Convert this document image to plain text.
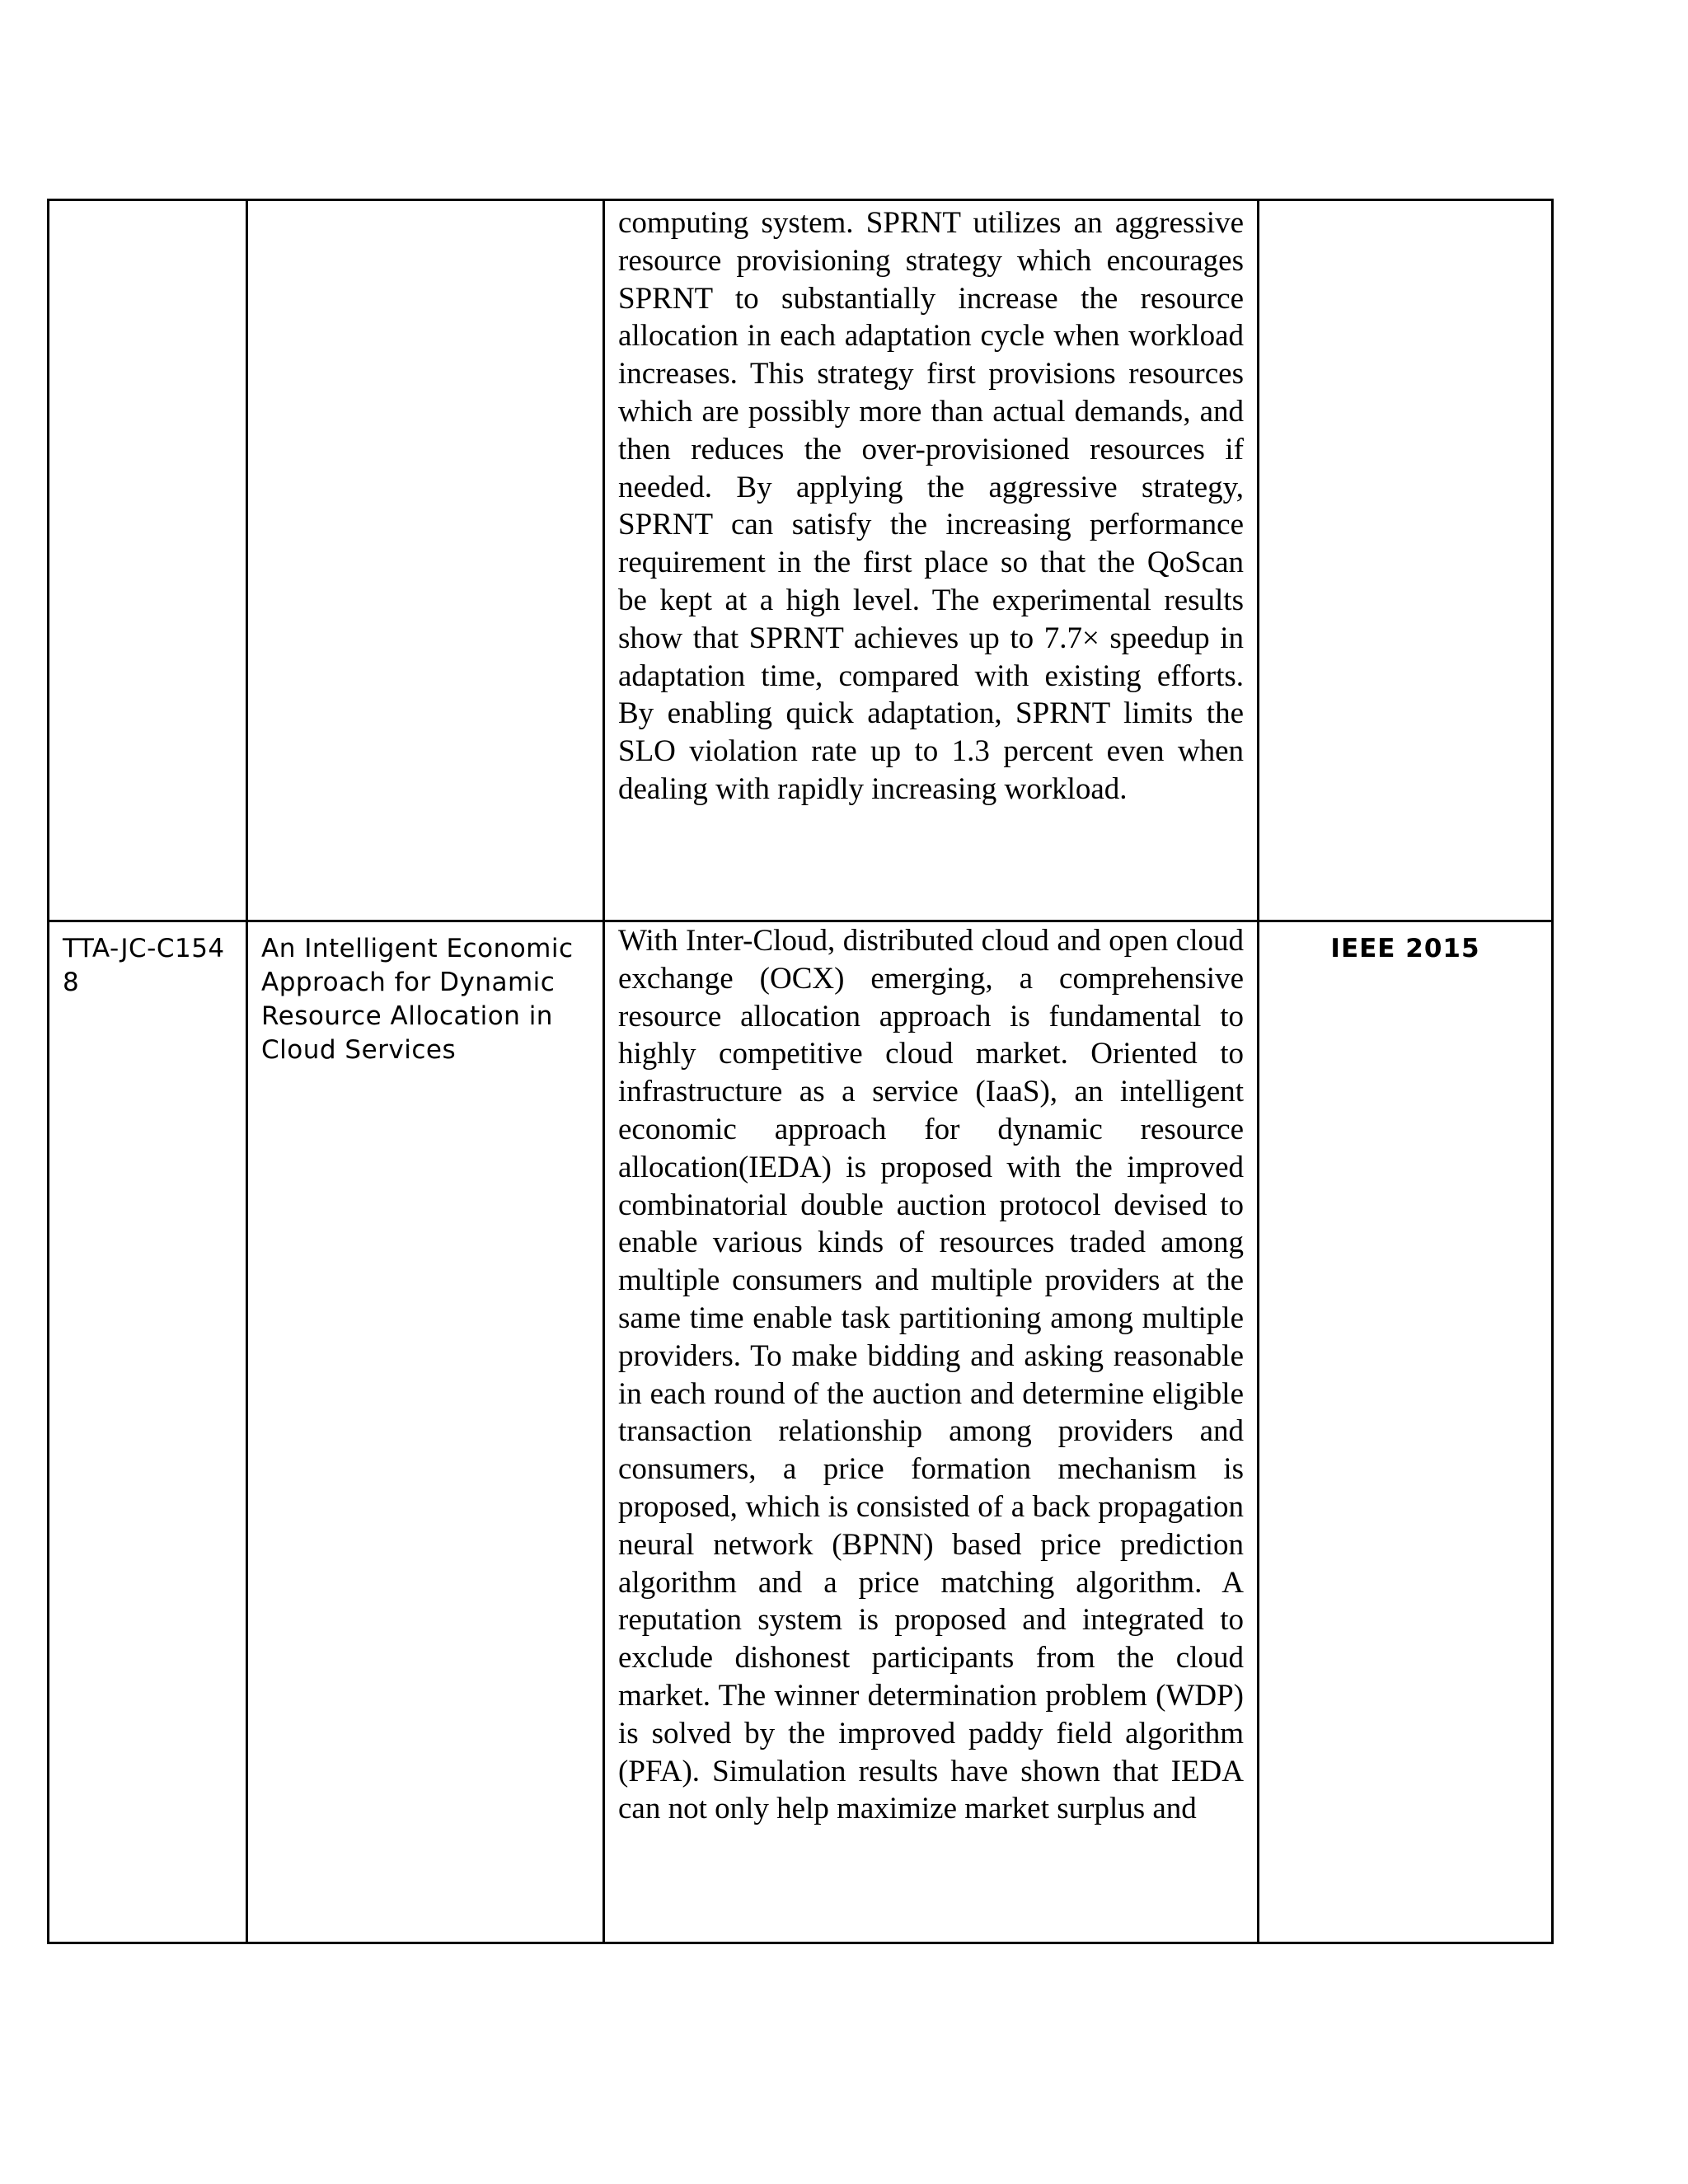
		computing system. SPRNT utilizes an aggressive resource provisioning strategy which encourages SPRNT to substantially increase the resource allocation in each adaptation cycle when workload increases. This strategy first provisions resources which are possibly more than actual demands, and then reduces the over-provisioned resources if needed. By applying the aggressive strategy, SPRNT can satisfy the increasing performance requirement in the first place so that the QoScan be kept at a high level. The experimental results show that SPRNT achieves up to 7.7× speedup in adaptation time, compared with existing efforts. By enabling quick adaptation, SPRNT limits the SLO violation rate up to 1.3 percent even when dealing with rapidly increasing workload.	

TTA-JC-C1548	An Intelligent Economic Approach for Dynamic Resource Allocation in Cloud Services	With Inter-Cloud, distributed cloud and open cloud exchange (OCX) emerging, a comprehensive resource allocation approach is fundamental to highly competitive cloud market. Oriented to infrastructure as a service (IaaS), an intelligent economic approach for dynamic resource allocation(IEDA) is proposed with the improved combinatorial double auction protocol devised to enable various kinds of resources traded among multiple consumers and multiple providers at the same time enable task partitioning among multiple providers. To make bidding and asking reasonable in each round of the auction and determine eligible transaction relationship among providers and consumers, a price formation mechanism is proposed, which is consisted of a back propagation neural network (BPNN) based price prediction algorithm and a price matching algorithm. A reputation system is proposed and integrated to exclude dishonest participants from the cloud market. The winner determination problem (WDP) is solved by the improved paddy field algorithm (PFA). Simulation results have shown that IEDA can not only help maximize market surplus and	IEEE 2015
